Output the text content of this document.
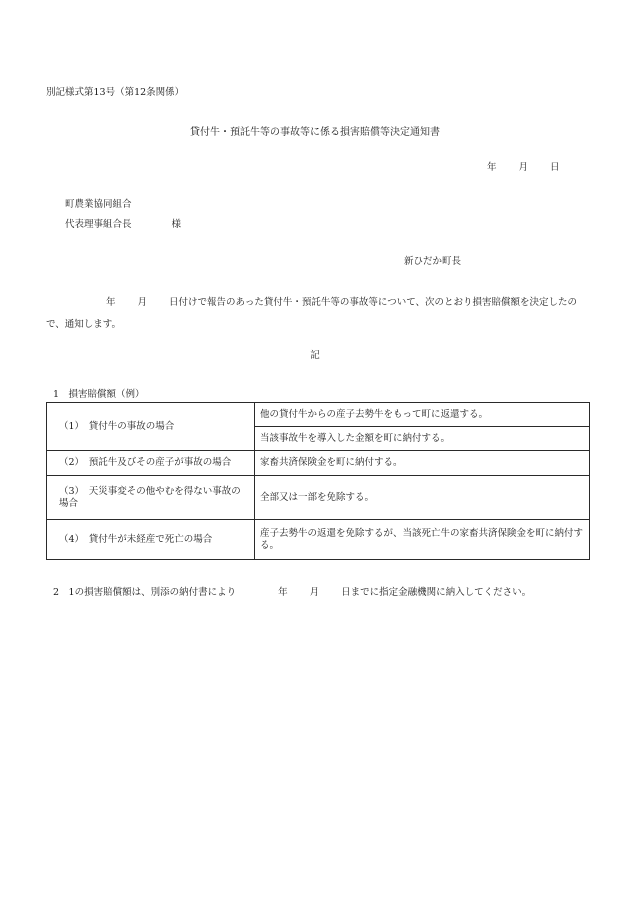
別記様式第13号（第12条関係）
貸付牛・預託牛等の事故等に係る損害賠償等決定通知書
年 月 日
町農業協同組合
代表理事組合長	様
新ひだか町長
年 月 日付けで報告のあった貸付牛・預託牛等の事故等について、次のとおり損害賠償額を決定したので、通知します。
記
1　損害賠償額（例）
（1）　貸付牛の事故の場合	他の貸付牛からの産子去勢牛をもって町に返還する。
	当該事故牛を導入した金額を町に納付する。
（2）　預託牛及びその産子が事故の場合	家畜共済保険金を町に納付する。
（3）　天災事変その他やむを得ない事故の場合	全部又は一部を免除する。
（4）　貸付牛が未経産で死亡の場合	産子去勢牛の返還を免除するが、当該死亡牛の家畜共済保険金を町に納付する。
2　1の損害賠償額は、別添の納付書により	年 月 日までに指定金融機関に納入してください。
